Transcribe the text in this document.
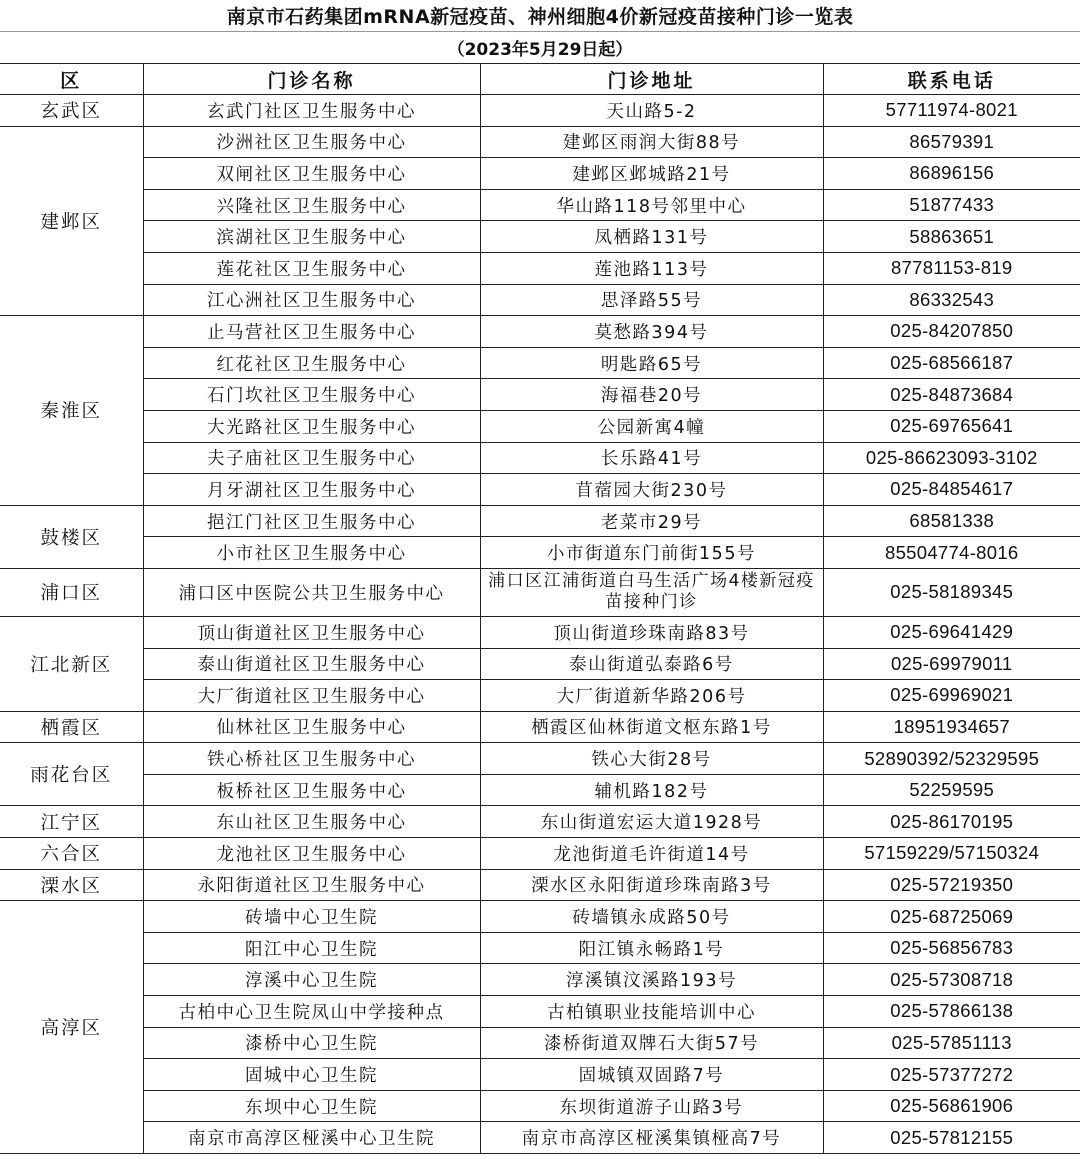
南京市石药集团mRNA新冠疫苗、神州细胞4价新冠疫苗接种门诊一览表
（2023年5月29日起）
区	门诊名称	门诊地址	联系电话
玄武区	玄武门社区卫生服务中心	天山路5-2	57711974-8021
建邺区	沙洲社区卫生服务中心	建邺区雨润大街88号	86579391
	双闸社区卫生服务中心	建邺区邺城路21号	86896156
	兴隆社区卫生服务中心	华山路118号邻里中心	51877433
	滨湖社区卫生服务中心	凤栖路131号	58863651
	莲花社区卫生服务中心	莲池路113号	87781153-819
	江心洲社区卫生服务中心	思泽路55号	86332543
秦淮区	止马营社区卫生服务中心	莫愁路394号	025-84207850
	红花社区卫生服务中心	明匙路65号	025-68566187
	石门坎社区卫生服务中心	海福巷20号	025-84873684
	大光路社区卫生服务中心	公园新寓4幢	025-69765641
	夫子庙社区卫生服务中心	长乐路41号	025-86623093-3102
	月牙湖社区卫生服务中心	苜蓿园大街230号	025-84854617
鼓楼区	挹江门社区卫生服务中心	老菜市29号	68581338
	小市社区卫生服务中心	小市街道东门前街155号	85504774-8016
浦口区	浦口区中医院公共卫生服务中心	浦口区江浦街道白马生活广场4楼新冠疫苗接种门诊	025-58189345
江北新区	顶山街道社区卫生服务中心	顶山街道珍珠南路83号	025-69641429
	泰山街道社区卫生服务中心	泰山街道弘泰路6号	025-69979011
	大厂街道社区卫生服务中心	大厂街道新华路206号	025-69969021
栖霞区	仙林社区卫生服务中心	栖霞区仙林街道文枢东路1号	18951934657
雨花台区	铁心桥社区卫生服务中心	铁心大街28号	52890392/52329595
	板桥社区卫生服务中心	辅机路182号	52259595
江宁区	东山社区卫生服务中心	东山街道宏运大道1928号	025-86170195
六合区	龙池社区卫生服务中心	龙池街道毛许街道14号	57159229/57150324
溧水区	永阳街道社区卫生服务中心	溧水区永阳街道珍珠南路3号	025-57219350
高淳区	砖墙中心卫生院	砖墙镇永成路50号	025-68725069
	阳江中心卫生院	阳江镇永畅路1号	025-56856783
	淳溪中心卫生院	淳溪镇汶溪路193号	025-57308718
	古柏中心卫生院凤山中学接种点	古柏镇职业技能培训中心	025-57866138
	漆桥中心卫生院	漆桥街道双牌石大街57号	025-57851113
	固城中心卫生院	固城镇双固路7号	025-57377272
	东坝中心卫生院	东坝街道游子山路3号	025-56861906
	南京市高淳区桠溪中心卫生院	南京市高淳区桠溪集镇桠高7号	025-57812155
